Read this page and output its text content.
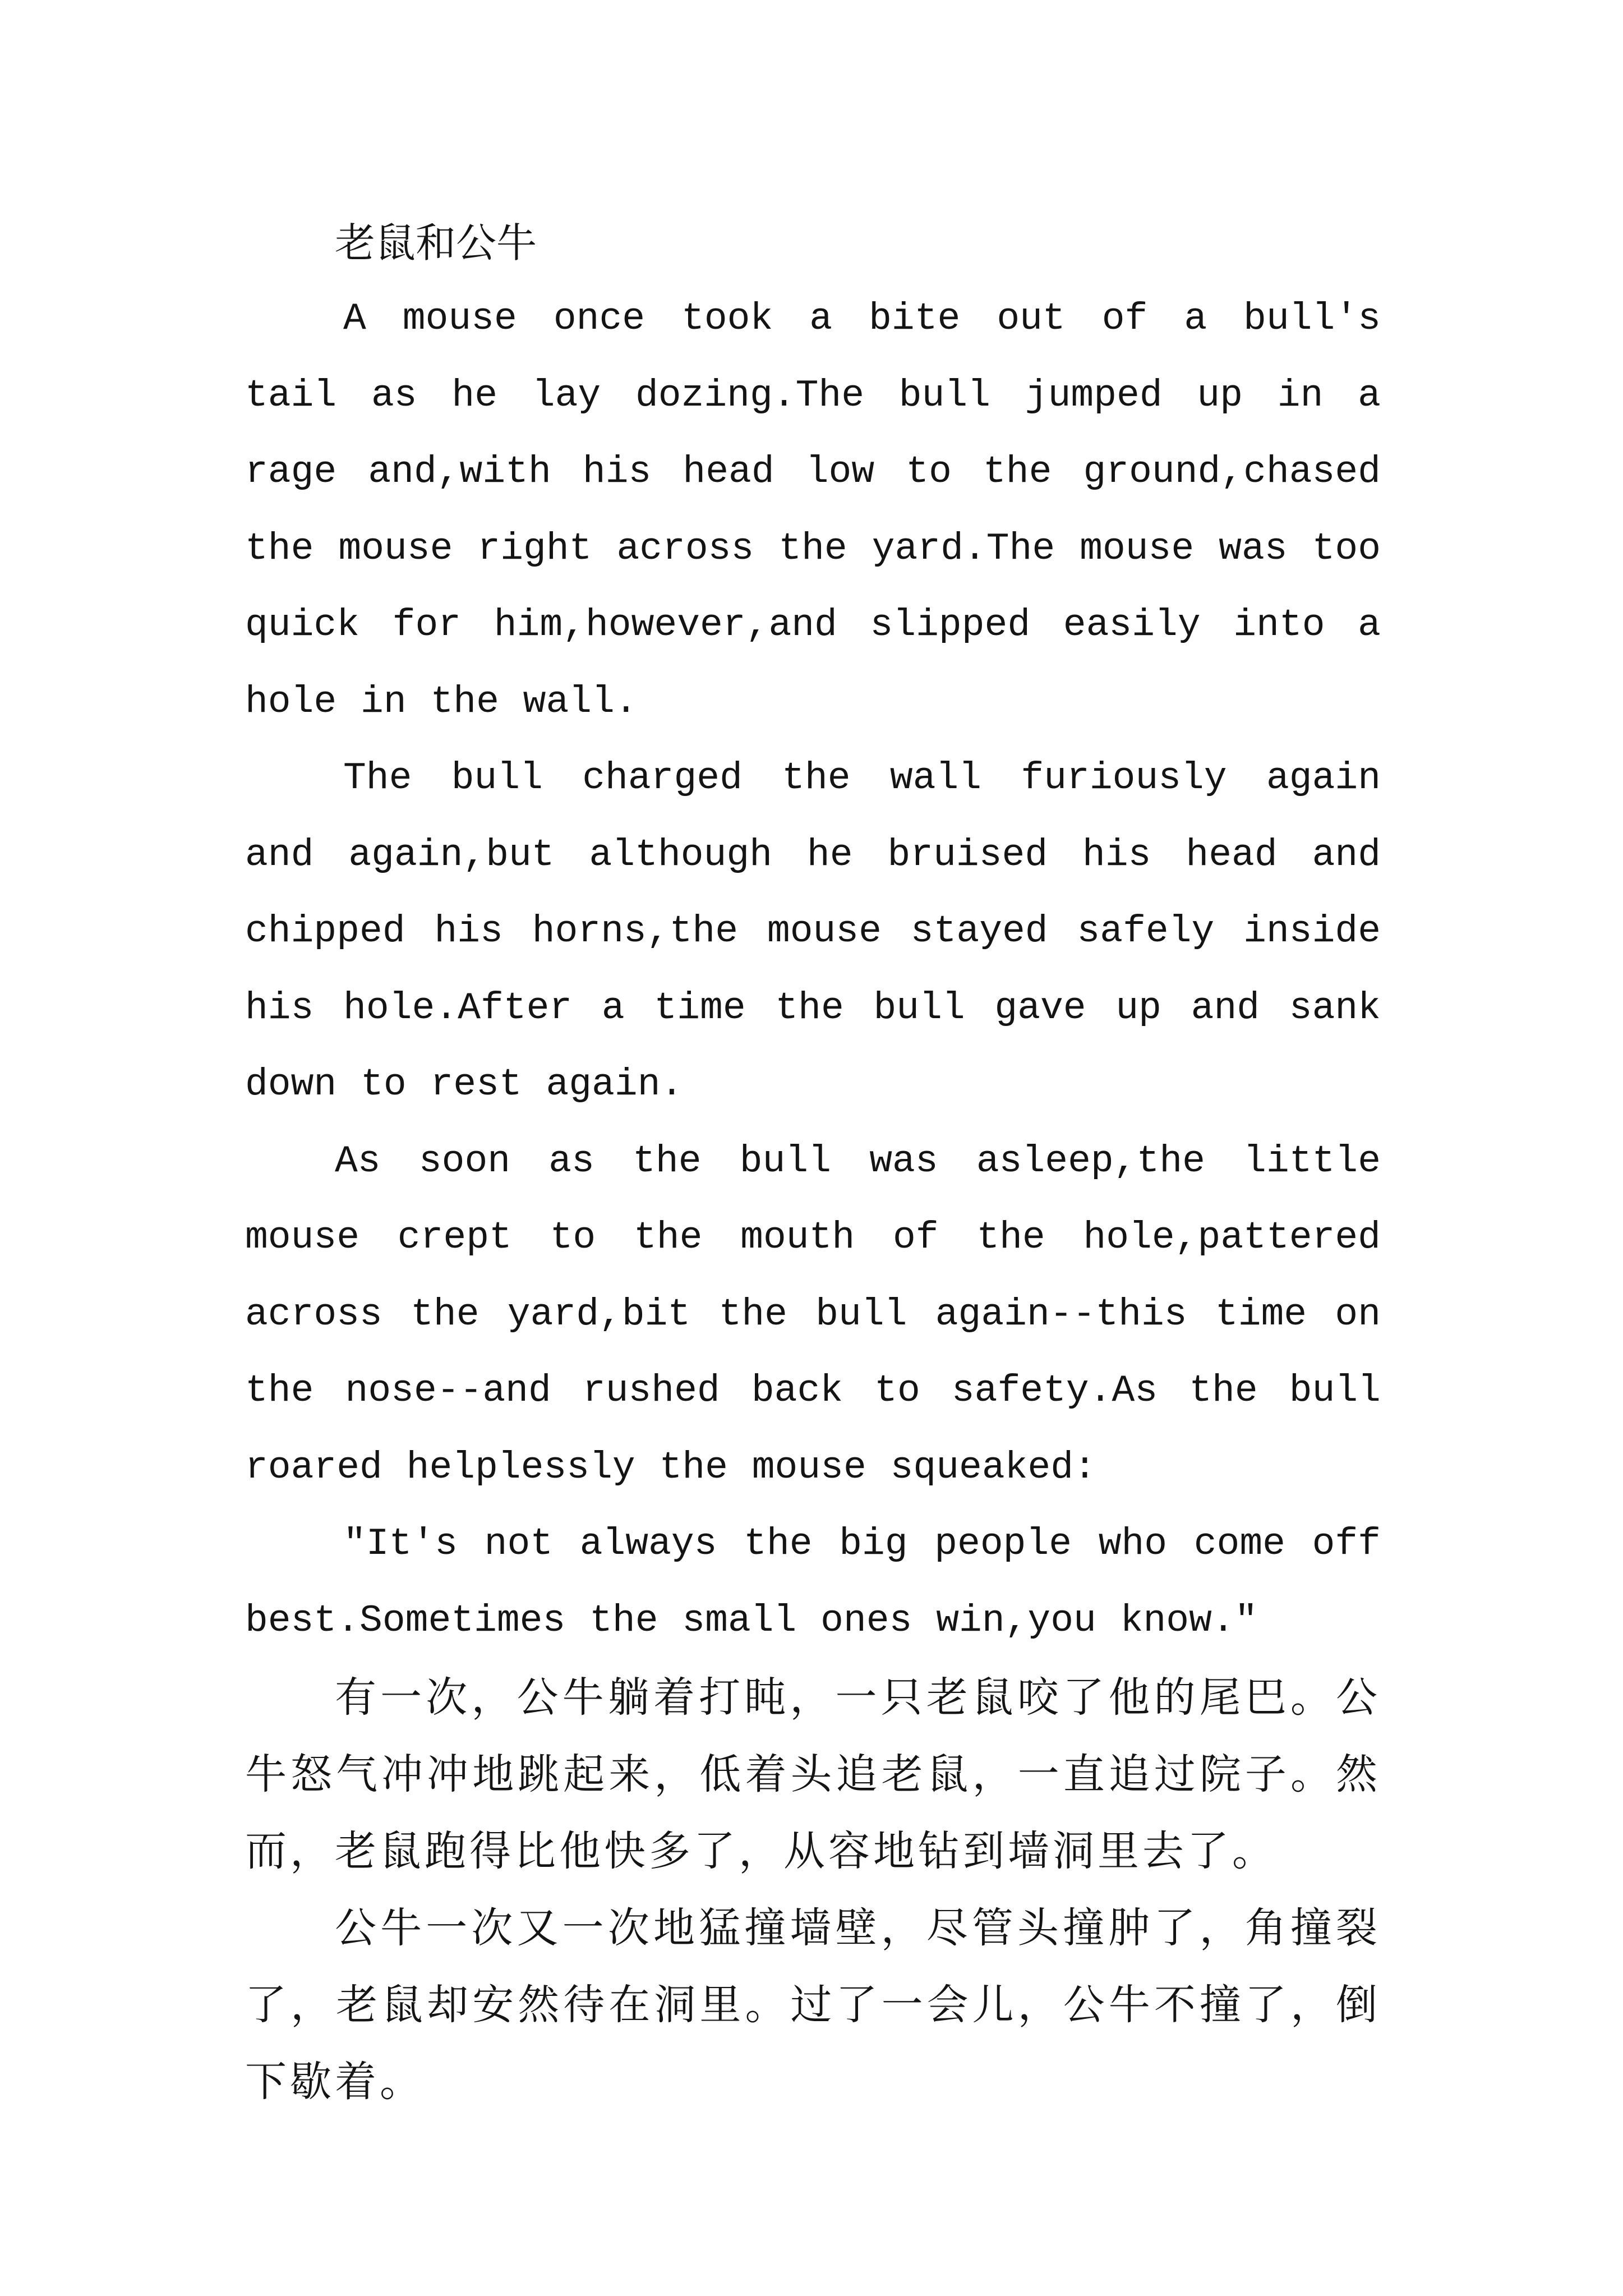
老鼠和公牛

A mouse once took a bite out of a bull's tail as he lay dozing.The bull jumped up in a rage and,with his head low to the ground,chased the mouse right across the yard.The mouse was too quick for him,however,and slipped easily into a hole in the wall.

The bull charged the wall furiously again and again,but although he bruised his head and chipped his horns,the mouse stayed safely inside his hole.After a time the bull gave up and sank down to rest again.

As soon as the bull was asleep,the little mouse crept to the mouth of the hole,pattered across the yard,bit the bull again--this time on the nose--and rushed back to safety.As the bull roared helplessly the mouse squeaked:

"It's not always the big people who come off best.Sometimes the small ones win,you know."

有一次，公牛躺着打盹，一只老鼠咬了他的尾巴。公牛怒气冲冲地跳起来，低着头追老鼠，一直追过院子。然而，老鼠跑得比他快多了，从容地钻到墙洞里去了。

公牛一次又一次地猛撞墙壁，尽管头撞肿了，角撞裂了，老鼠却安然待在洞里。过了一会儿，公牛不撞了，倒下歇着。
